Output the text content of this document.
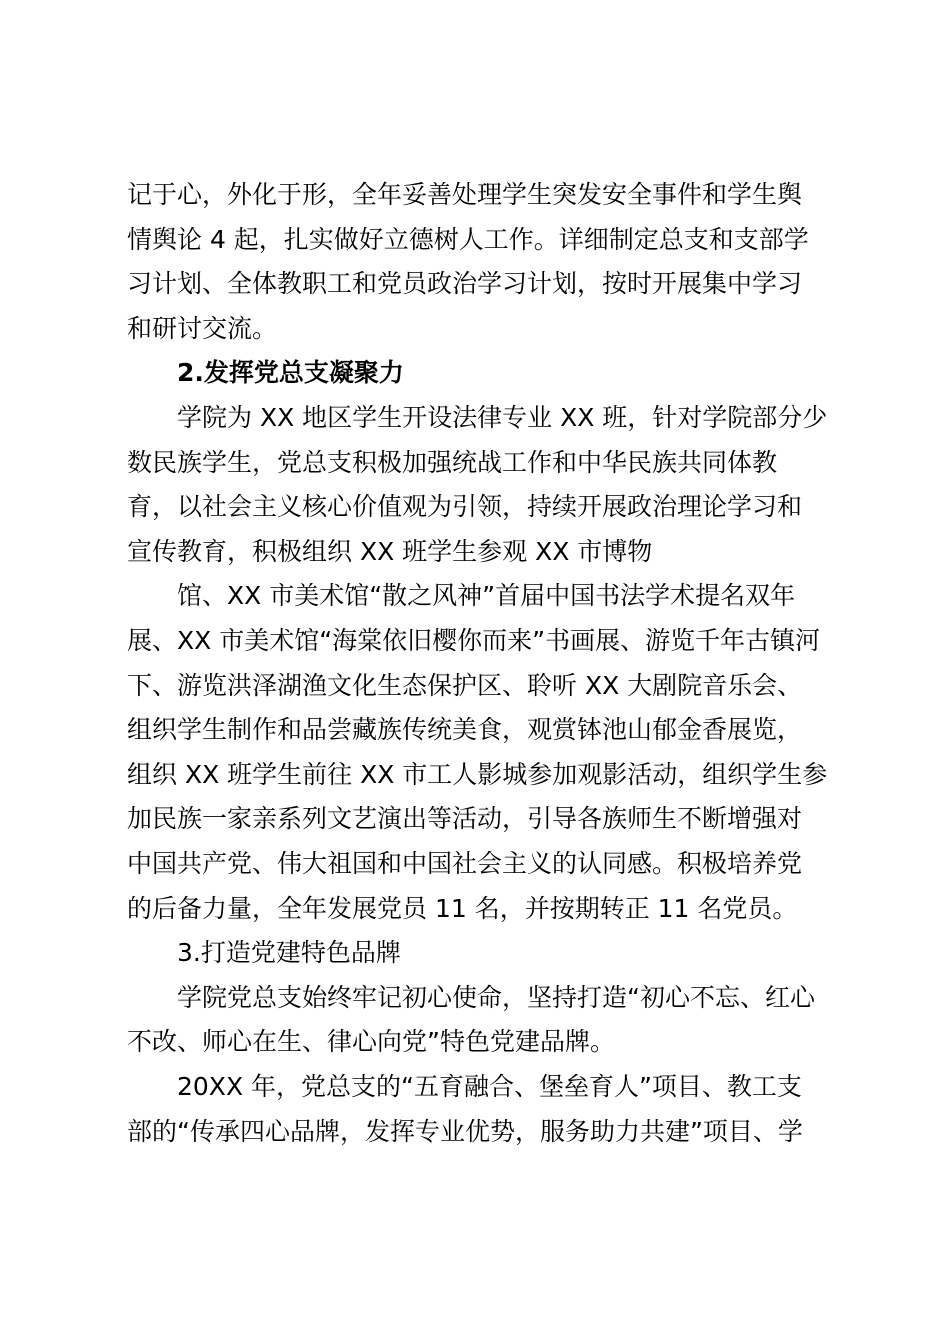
记于心，外化于形，全年妥善处理学生突发安全事件和学生舆
情舆论 4 起，扎实做好立德树人工作。详细制定总支和支部学
习计划、全体教职工和党员政治学习计划，按时开展集中学习
和研讨交流。
2.发挥党总支凝聚力
学院为 XX 地区学生开设法律专业 XX 班，针对学院部分少
数民族学生，党总支积极加强统战工作和中华民族共同体教
育，以社会主义核心价值观为引领，持续开展政治理论学习和
宣传教育，积极组织 XX 班学生参观 XX 市博物
馆、XX 市美术馆“散之风神”首届中国书法学术提名双年
展、XX 市美术馆“海棠依旧樱你而来”书画展、游览千年古镇河
下、游览洪泽湖渔文化生态保护区、聆听 XX 大剧院音乐会、
组织学生制作和品尝藏族传统美食，观赏钵池山郁金香展览，
组织 XX 班学生前往 XX 市工人影城参加观影活动，组织学生参
加民族一家亲系列文艺演出等活动，引导各族师生不断增强对
中国共产党、伟大祖国和中国社会主义的认同感。积极培养党
的后备力量，全年发展党员 11 名，并按期转正 11 名党员。
3.打造党建特色品牌
学院党总支始终牢记初心使命，坚持打造“初心不忘、红心
不改、师心在生、律心向党”特色党建品牌。
20XX 年，党总支的“五育融合、堡垒育人”项目、教工支
部的“传承四心品牌，发挥专业优势，服务助力共建”项目、学
